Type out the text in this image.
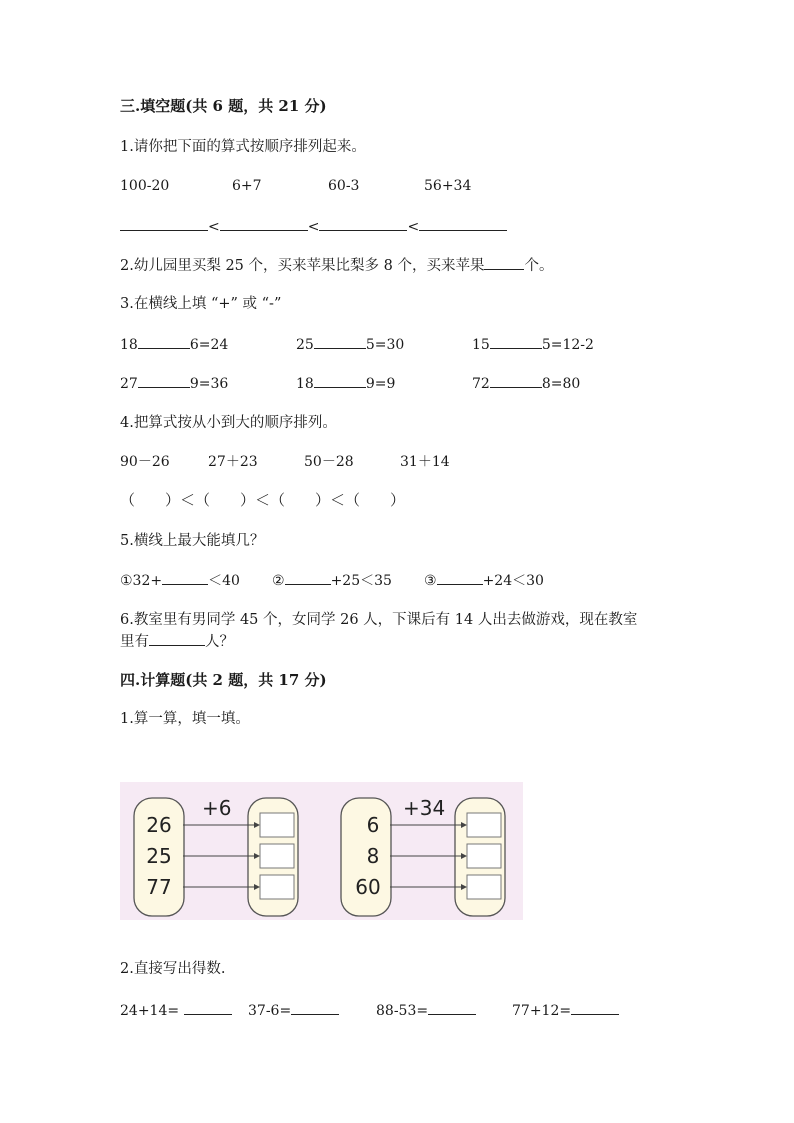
三.填空题(共 6 题，共 21 分)
1.请你把下面的算式按顺序排列起来。
100-20	6+7	60-3	56+34
<	<	<
2.幼儿园里买梨 25 个，买来苹果比梨多 8 个，买来苹果	个。
3.在横线上填 “+” 或 “-”
18	6=24	25	5=30	15	5=12-2
27	9=36	18	9=9	72	8=80
4.把算式按从小到大的顺序排列。
90－26	27＋23	50－28	31＋14
（　　）＜（　　）＜（　　）＜（　　）
5.横线上最大能填几？
①32+	＜40 ②	+25＜35 ③	+24＜30
6.教室里有男同学 45 个，女同学 26 人，下课后有 14 人出去做游戏，现在教室
里有	人？
四.计算题(共 2 题，共 17 分)
1.算一算，填一填。
+6
26
25
77
+34
6
8
60
2.直接写出得数.
24+14=	37-6=	88-53=	77+12=
